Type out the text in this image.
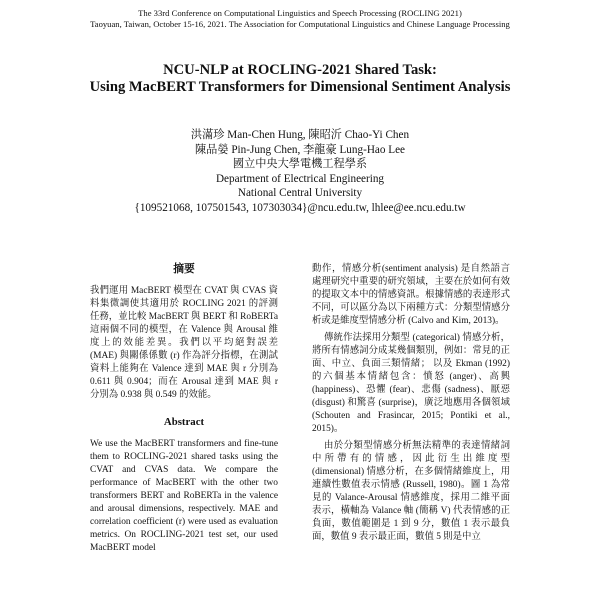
The 33rd Conference on Computational Linguistics and Speech Processing (ROCLING 2021)
Taoyuan, Taiwan, October 15-16, 2021. The Association for Computational Linguistics and Chinese Language Processing
NCU-NLP at ROCLING-2021 Shared Task:
Using MacBERT Transformers for Dimensional Sentiment Analysis
洪滿珍 Man-Chen Hung, 陳昭沂 Chao-Yi Chen
陳品嫈 Pin-Jung Chen, 李龍豪 Lung-Hao Lee
國立中央大學電機工程學系
Department of Electrical Engineering
National Central University
{109521068, 107501543, 107303034}@ncu.edu.tw, lhlee@ee.ncu.edu.tw
摘要

我們運用 MacBERT 模型在 CVAT 與 CVAS 資料集微調使其適用於 ROCLING 2021 的評測任務，並比較 MacBERT 與 BERT 和 RoBERTa 這兩個不同的模型，在 Valence 與 Arousal 維度上的效能差異。我們以平均絕對誤差 (MAE) 與關係係數 (r) 作為評分指標，在測試資料上能夠在 Valence 達到 MAE 與 r 分別為 0.611 與 0.904；而在 Arousal 達到 MAE 與 r 分別為 0.938 與 0.549 的效能。

Abstract

We use the MacBERT transformers and fine-tune them to ROCLING-2021 shared tasks using the CVAT and CVAS data. We compare the performance of MacBERT with the other two transformers BERT and RoBERTa in the valence and arousal dimensions, respectively. MAE and correlation coefficient (r) were used as evaluation metrics. On ROCLING-2021 test set, our used MacBERT model

動作，情感分析(sentiment analysis) 是自然語言處理研究中重要的研究領域，主要在於如何有效的提取文本中的情感資訊。根據情感的表達形式不同，可以區分為以下兩種方式：分類型情感分析或是維度型情感分析 (Calvo and Kim, 2013)。

傳統作法採用分類型 (categorical) 情感分析，將所有情感詞分成某幾個類別，例如：常見的正面、中立、負面三類情緒； 以及 Ekman (1992) 的六個基本情緒包含：憤怒 (anger)、高興 (happiness)、恐懼 (fear)、悲傷 (sadness)、厭惡 (disgust) 和驚喜 (surprise)，廣泛地應用各個領域 (Schouten and Frasincar, 2015; Pontiki et al., 2015)。

由於分類型情感分析無法精準的表達情緒詞中所帶有的情感，因此衍生出維度型 (dimensional) 情感分析，在多個情緒維度上，用連續性數值表示情感 (Russell, 1980)。圖 1 為常見的 Valance-Arousal 情感維度，採用二維平面表示，橫軸為 Valance 軸 (簡稱 V) 代表情感的正負面，數值範圍是 1 到 9 分，數值 1 表示最負面，數值 9 表示最正面，數值 5 則是中立
